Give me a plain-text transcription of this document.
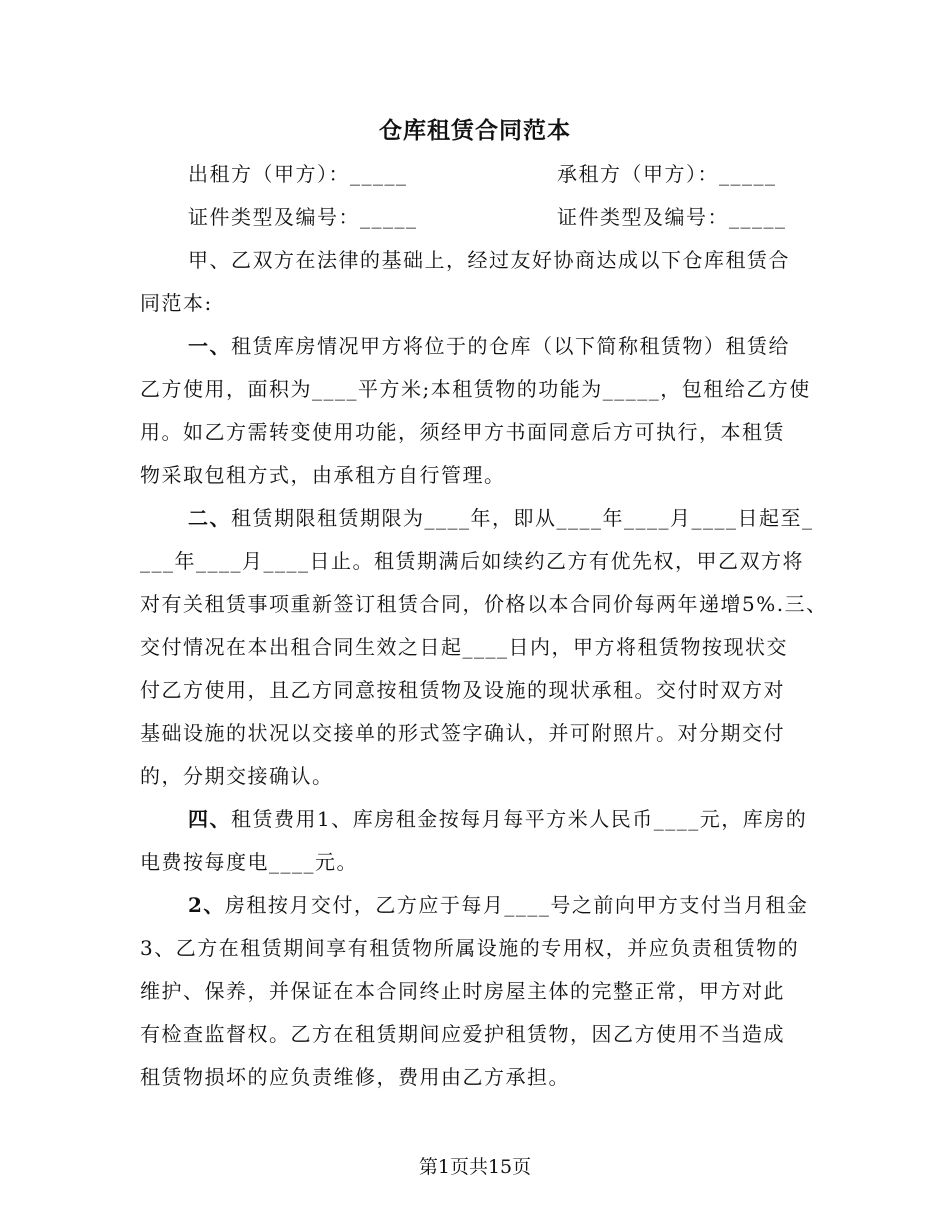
仓库租赁合同范本
出租方（甲方）：_____	承租方（甲方）：_____
证件类型及编号：_____	证件类型及编号：_____
甲、乙双方在法律的基础上，经过友好协商达成以下仓库租赁合
同范本:
一、租赁库房情况甲方将位于的仓库（以下简称租赁物）租赁给
乙方使用，面积为____平方米;本租赁物的功能为_____，包租给乙方使
用。如乙方需转变使用功能，须经甲方书面同意后方可执行，本租赁
物采取包租方式，由承租方自行管理。
二、租赁期限租赁期限为____年，即从____年____月____日起至_
___年____月____日止。租赁期满后如续约乙方有优先权，甲乙双方将
对有关租赁事项重新签订租赁合同，价格以本合同价每两年递增5%.三、
交付情况在本出租合同生效之日起____日内，甲方将租赁物按现状交
付乙方使用，且乙方同意按租赁物及设施的现状承租。交付时双方对
基础设施的状况以交接单的形式签字确认，并可附照片。对分期交付
的，分期交接确认。
四、租赁费用1、库房租金按每月每平方米人民币____元，库房的
电费按每度电____元。
2、房租按月交付，乙方应于每月____号之前向甲方支付当月租金
3、乙方在租赁期间享有租赁物所属设施的专用权，并应负责租赁物的
维护、保养，并保证在本合同终止时房屋主体的完整正常，甲方对此
有检查监督权。乙方在租赁期间应爱护租赁物，因乙方使用不当造成
租赁物损坏的应负责维修，费用由乙方承担。
第1页共15页
